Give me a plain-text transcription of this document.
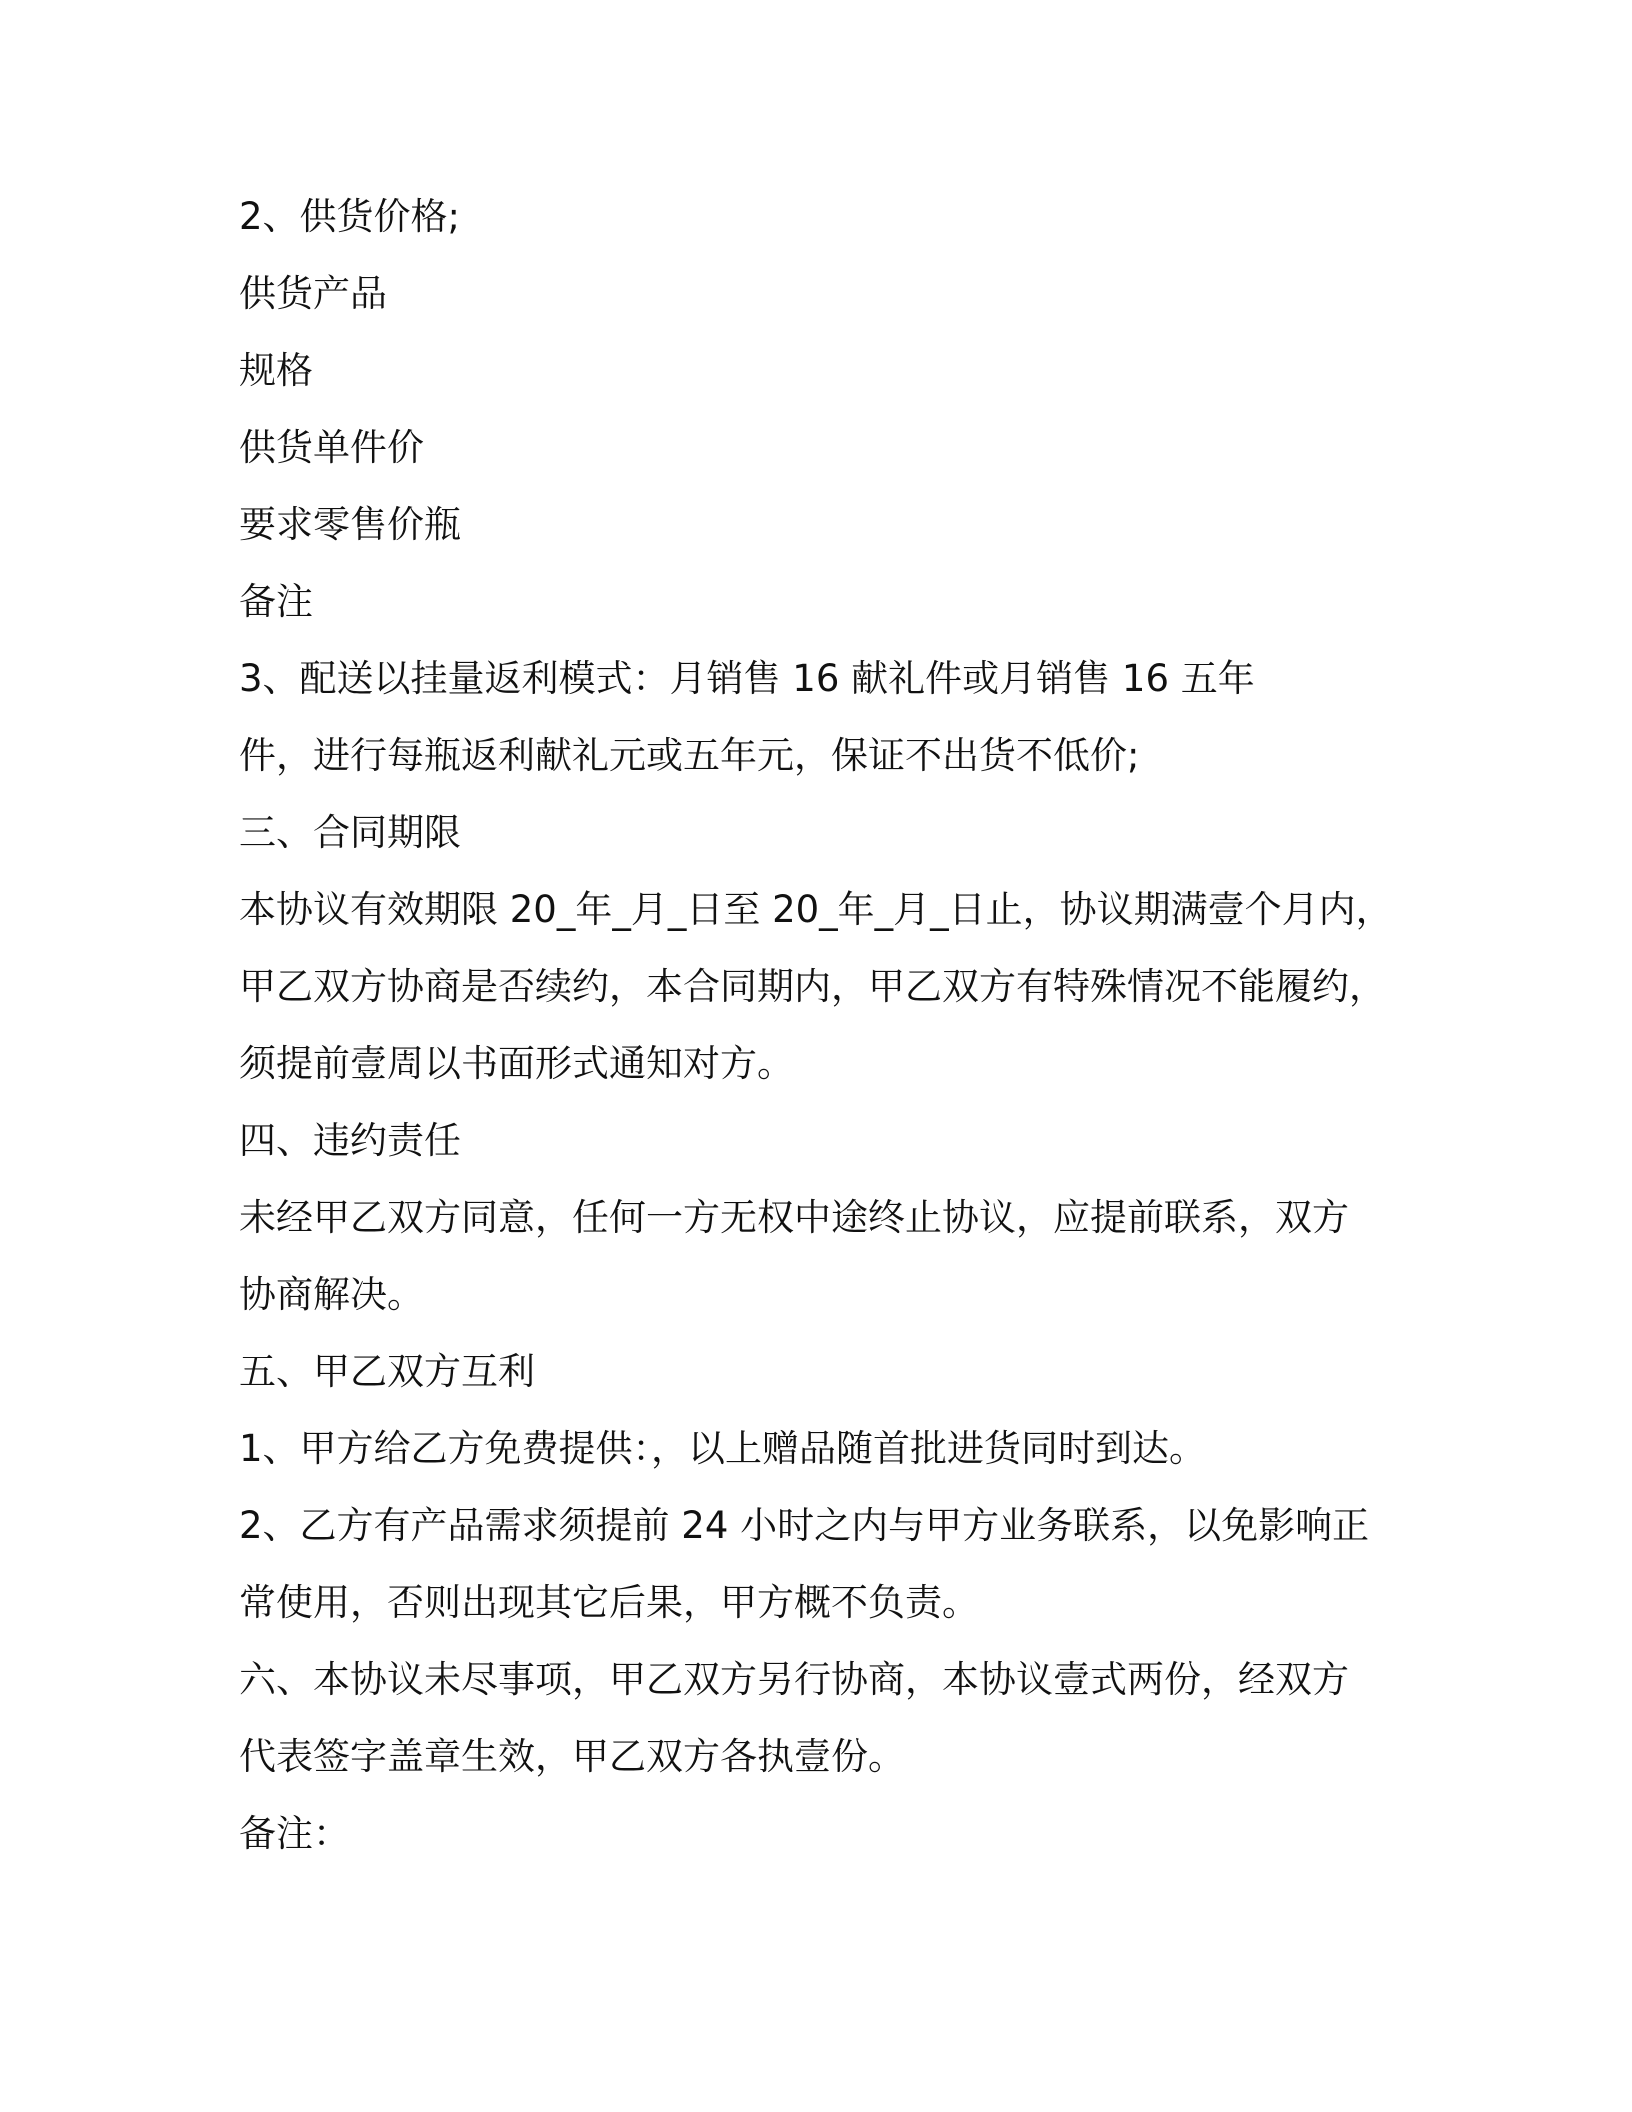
2、供货价格;
供货产品
规格
供货单件价
要求零售价瓶
备注
3、配送以挂量返利模式：月销售 16 献礼件或月销售 16 五年
件，进行每瓶返利献礼元或五年元，保证不出货不低价;
三、合同期限
本协议有效期限 20_年_月_日至 20_年_月_日止，协议期满壹个月内，
甲乙双方协商是否续约，本合同期内，甲乙双方有特殊情况不能履约，
须提前壹周以书面形式通知对方。
四、违约责任
未经甲乙双方同意，任何一方无权中途终止协议，应提前联系，双方
协商解决。
五、甲乙双方互利
1、甲方给乙方免费提供：，以上赠品随首批进货同时到达。
2、乙方有产品需求须提前 24 小时之内与甲方业务联系，以免影响正
常使用，否则出现其它后果，甲方概不负责。
六、本协议未尽事项，甲乙双方另行协商，本协议壹式两份，经双方
代表签字盖章生效，甲乙双方各执壹份。
备注：
